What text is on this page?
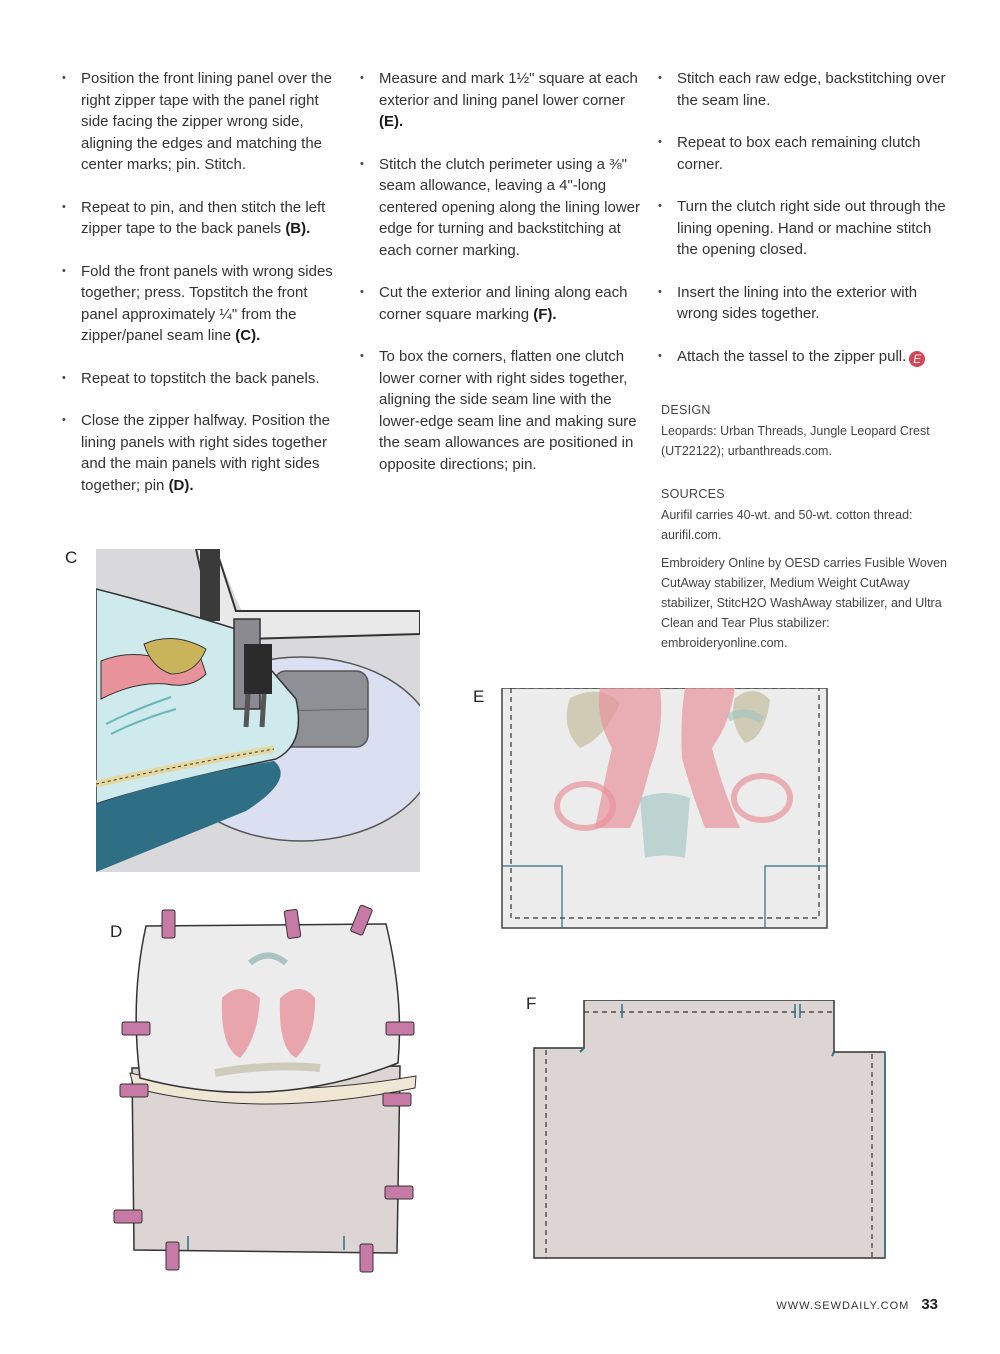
• Position the front lining panel over the right zipper tape with the panel right side facing the zipper wrong side, aligning the edges and matching the center marks; pin. Stitch.
• Repeat to pin, and then stitch the left zipper tape to the back panels (B).
• Fold the front panels with wrong sides together; press. Topstitch the front panel approximately ¼" from the zipper/panel seam line (C).
• Repeat to topstitch the back panels.
• Close the zipper halfway. Position the lining panels with right sides together and the main panels with right sides together; pin (D).
• Measure and mark 1½" square at each exterior and lining panel lower corner (E).
• Stitch the clutch perimeter using a ⅜" seam allowance, leaving a 4"-long centered opening along the lining lower edge for turning and backstitching at each corner marking.
• Cut the exterior and lining along each corner square marking (F).
• To box the corners, flatten one clutch lower corner with right sides together, aligning the side seam line with the lower-edge seam line and making sure the seam allowances are positioned in opposite directions; pin.
• Stitch each raw edge, backstitching over the seam line.
• Repeat to box each remaining clutch corner.
• Turn the clutch right side out through the lining opening. Hand or machine stitch the opening closed.
• Insert the lining into the exterior with wrong sides together.
• Attach the tassel to the zipper pull. E
DESIGN

Leopards: Urban Threads, Jungle Leopard Crest (UT22122); urbanthreads.com.

SOURCES

Aurifil carries 40-wt. and 50-wt. cotton thread: aurifil.com.

Embroidery Online by OESD carries Fusible Woven CutAway stabilizer, Medium Weight CutAway stabilizer, StitcH2O WashAway stabilizer, and Ultra Clean and Tear Plus stabilizer: embroideryonline.com.

C
D
E
F
WWW.SEWDAILY.COM 33
